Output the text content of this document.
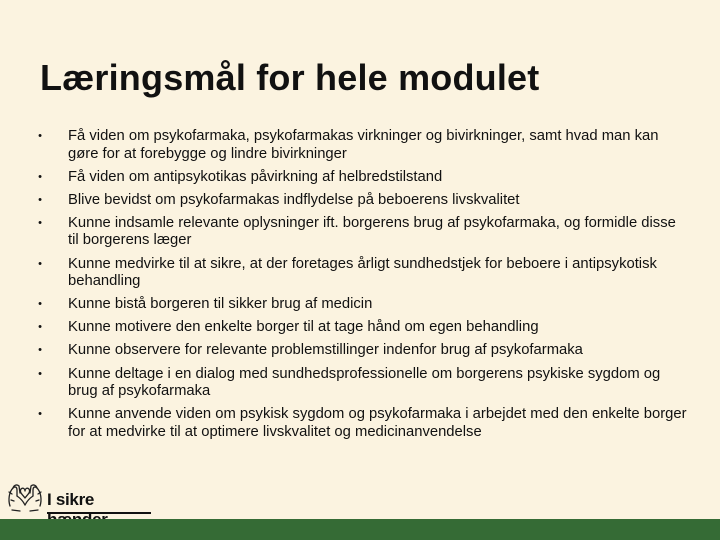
Læringsmål for hele modulet
•	Få viden om psykofarmaka, psykofarmakas virkninger og bivirkninger, samt hvad man kan gøre for at forebygge og lindre bivirkninger
•	Få viden om antipsykotikas påvirkning af helbredstilstand
•	Blive bevidst om psykofarmakas indflydelse på beboerens livskvalitet
•	Kunne indsamle relevante oplysninger ift. borgerens brug af psykofarmaka, og formidle disse til borgerens læger
•	Kunne medvirke til at sikre, at der foretages årligt sundhedstjek for beboere i antipsykotisk behandling
•	Kunne bistå borgeren til sikker brug af medicin
•	Kunne motivere den enkelte borger til at tage hånd om egen behandling
•	Kunne observere for relevante problemstillinger indenfor brug af psykofarmaka
•	Kunne deltage i en dialog med sundhedsprofessionelle om borgerens psykiske sygdom og brug af psykofarmaka
•	Kunne anvende viden om psykisk sygdom og psykofarmaka i arbejdet med den enkelte borger for at medvirke til at optimere livskvalitet og medicinanvendelse
I sikre
